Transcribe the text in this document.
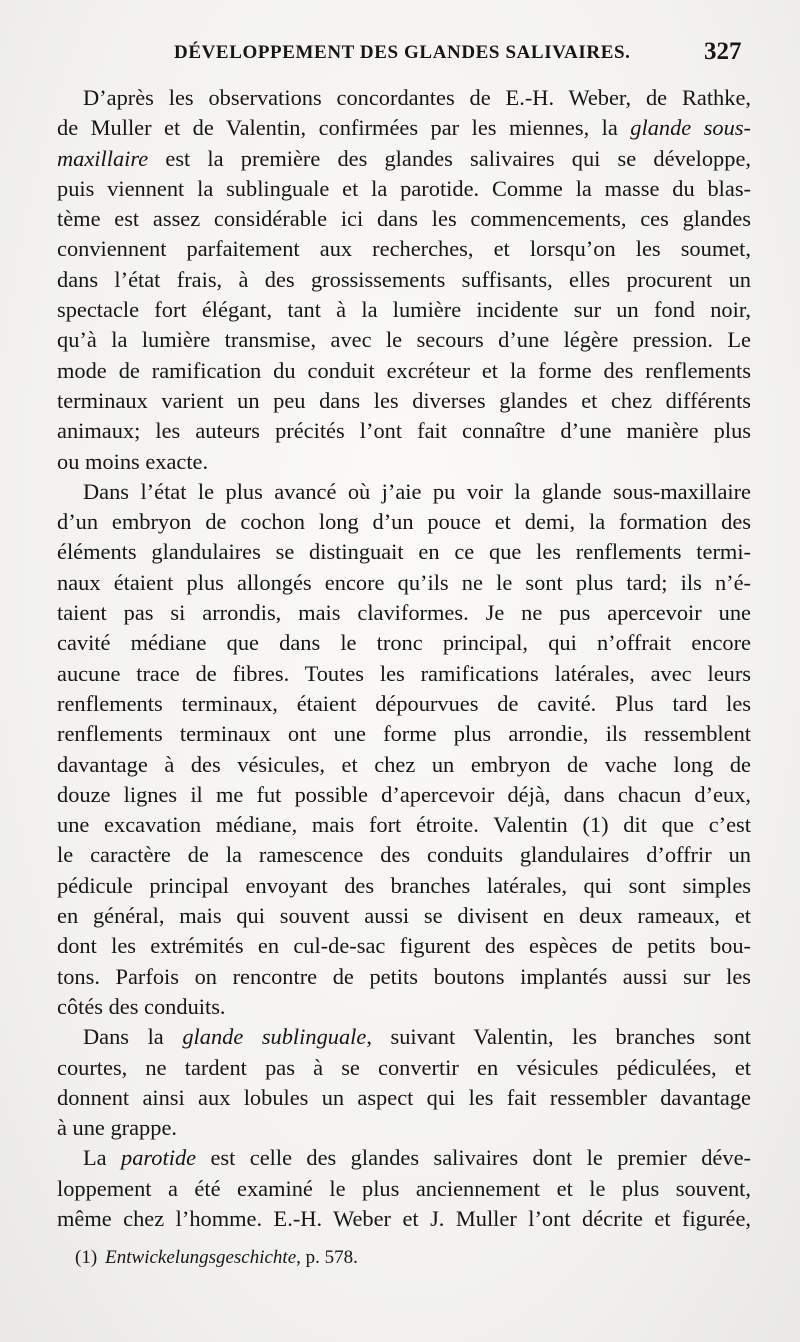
DÉVELOPPEMENT DES GLANDES SALIVAIRES.	327
D’après les observations concordantes de E.-H. Weber, de Rathke,
de Muller et de Valentin, confirmées par les miennes, la glande sous-
maxillaire est la première des glandes salivaires qui se développe,
puis viennent la sublinguale et la parotide. Comme la masse du blas-
tème est assez considérable ici dans les commencements, ces glandes
conviennent parfaitement aux recherches, et lorsqu’on les soumet,
dans l’état frais, à des grossissements suffisants, elles procurent un
spectacle fort élégant, tant à la lumière incidente sur un fond noir,
qu’à la lumière transmise, avec le secours d’une légère pression. Le
mode de ramification du conduit excréteur et la forme des renflements
terminaux varient un peu dans les diverses glandes et chez différents
animaux; les auteurs précités l’ont fait connaître d’une manière plus
ou moins exacte.
Dans l’état le plus avancé où j’aie pu voir la glande sous-maxillaire
d’un embryon de cochon long d’un pouce et demi, la formation des
éléments glandulaires se distinguait en ce que les renflements termi-
naux étaient plus allongés encore qu’ils ne le sont plus tard; ils n’é-
taient pas si arrondis, mais claviformes. Je ne pus apercevoir une
cavité médiane que dans le tronc principal, qui n’offrait encore
aucune trace de fibres. Toutes les ramifications latérales, avec leurs
renflements terminaux, étaient dépourvues de cavité. Plus tard les
renflements terminaux ont une forme plus arrondie, ils ressemblent
davantage à des vésicules, et chez un embryon de vache long de
douze lignes il me fut possible d’apercevoir déjà, dans chacun d’eux,
une excavation médiane, mais fort étroite. Valentin (1) dit que c’est
le caractère de la ramescence des conduits glandulaires d’offrir un
pédicule principal envoyant des branches latérales, qui sont simples
en général, mais qui souvent aussi se divisent en deux rameaux, et
dont les extrémités en cul-de-sac figurent des espèces de petits bou-
tons. Parfois on rencontre de petits boutons implantés aussi sur les
côtés des conduits.
Dans la glande sublinguale, suivant Valentin, les branches sont
courtes, ne tardent pas à se convertir en vésicules pédiculées, et
donnent ainsi aux lobules un aspect qui les fait ressembler davantage
à une grappe.
La parotide est celle des glandes salivaires dont le premier déve-
loppement a été examiné le plus anciennement et le plus souvent,
même chez l’homme. E.-H. Weber et J. Muller l’ont décrite et figurée,
(1) Entwickelungsgeschichte, p. 578.
